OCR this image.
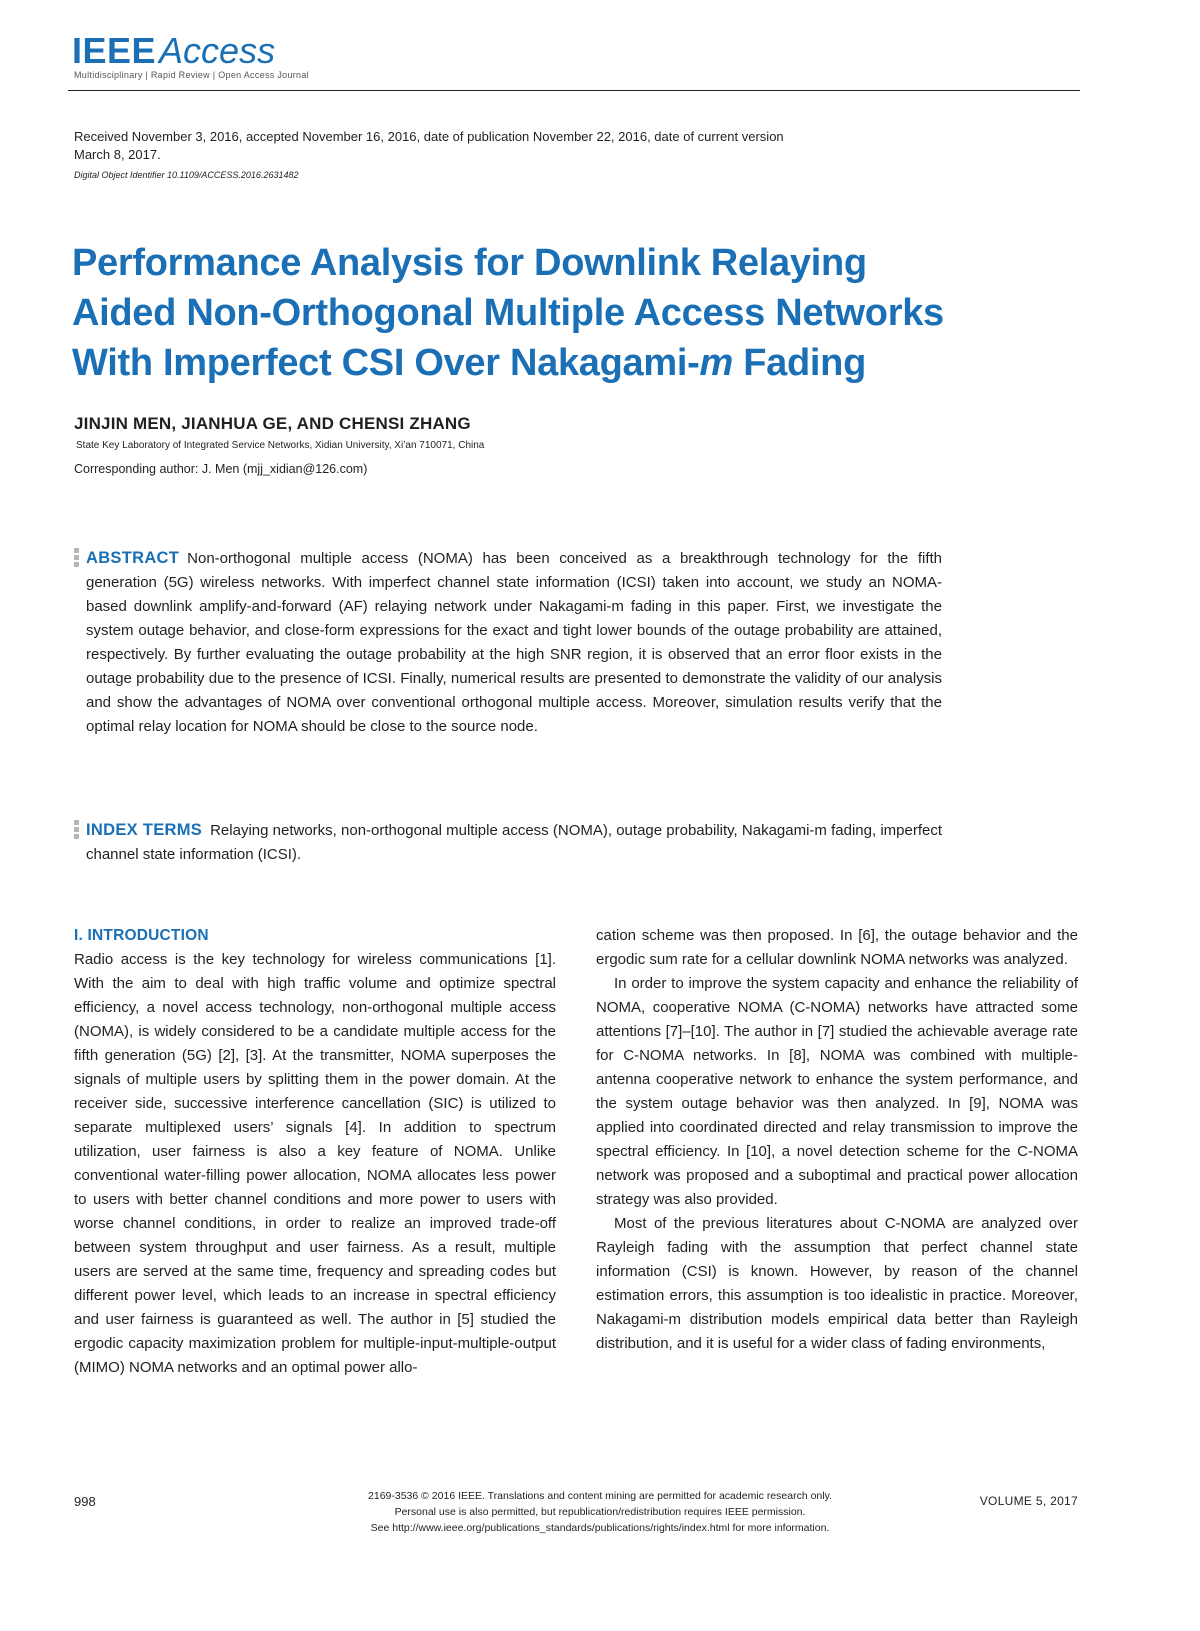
IEEEAccess
Multidisciplinary | Rapid Review | Open Access Journal
Received November 3, 2016, accepted November 16, 2016, date of publication November 22, 2016, date of current version March 8, 2017.
Digital Object Identifier 10.1109/ACCESS.2016.2631482
Performance Analysis for Downlink Relaying
Aided Non-Orthogonal Multiple Access Networks
With Imperfect CSI Over Nakagami-m Fading
JINJIN MEN, JIANHUA GE, AND CHENSI ZHANG
State Key Laboratory of Integrated Service Networks, Xidian University, Xi’an 710071, China
Corresponding author: J. Men (mjj_xidian@126.com)
ABSTRACT Non-orthogonal multiple access (NOMA) has been conceived as a breakthrough technology for the fifth generation (5G) wireless networks. With imperfect channel state information (ICSI) taken into account, we study an NOMA-based downlink amplify-and-forward (AF) relaying network under Nakagami-m fading in this paper. First, we investigate the system outage behavior, and close-form expressions for the exact and tight lower bounds of the outage probability are attained, respectively. By further evaluating the outage probability at the high SNR region, it is observed that an error floor exists in the outage probability due to the presence of ICSI. Finally, numerical results are presented to demonstrate the validity of our analysis and show the advantages of NOMA over conventional orthogonal multiple access. Moreover, simulation results verify that the optimal relay location for NOMA should be close to the source node.
INDEX TERMS Relaying networks, non-orthogonal multiple access (NOMA), outage probability, Nakagami-m fading, imperfect channel state information (ICSI).
I. INTRODUCTION

Radio access is the key technology for wireless communications [1]. With the aim to deal with high traffic volume and optimize spectral efficiency, a novel access technology, non-orthogonal multiple access (NOMA), is widely considered to be a candidate multiple access for the fifth generation (5G) [2], [3]. At the transmitter, NOMA superposes the signals of multiple users by splitting them in the power domain. At the receiver side, successive interference cancellation (SIC) is utilized to separate multiplexed users’ signals [4]. In addition to spectrum utilization, user fairness is also a key feature of NOMA. Unlike conventional water-filling power allocation, NOMA allocates less power to users with better channel conditions and more power to users with worse channel conditions, in order to realize an improved trade-off between system throughput and user fairness. As a result, multiple users are served at the same time, frequency and spreading codes but different power level, which leads to an increase in spectral efficiency and user fairness is guaranteed as well. The author in [5] studied the ergodic capacity maximization problem for multiple-input-multiple-output (MIMO) NOMA networks and an optimal power allo-

cation scheme was then proposed. In [6], the outage behavior and the ergodic sum rate for a cellular downlink NOMA networks was analyzed.

In order to improve the system capacity and enhance the reliability of NOMA, cooperative NOMA (C-NOMA) networks have attracted some attentions [7]–[10]. The author in [7] studied the achievable average rate for C-NOMA networks. In [8], NOMA was combined with multiple-antenna cooperative network to enhance the system performance, and the system outage behavior was then analyzed. In [9], NOMA was applied into coordinated directed and relay transmission to improve the spectral efficiency. In [10], a novel detection scheme for the C-NOMA network was proposed and a suboptimal and practical power allocation strategy was also provided.

Most of the previous literatures about C-NOMA are analyzed over Rayleigh fading with the assumption that perfect channel state information (CSI) is known. However, by reason of the channel estimation errors, this assumption is too idealistic in practice. Moreover, Nakagami-m distribution models empirical data better than Rayleigh distribution, and it is useful for a wider class of fading environments,

998	2169-3536 © 2016 IEEE. Translations and content mining are permitted for academic research only.
Personal use is also permitted, but republication/redistribution requires IEEE permission.
See http://www.ieee.org/publications_standards/publications/rights/index.html for more information.
VOLUME 5, 2017
